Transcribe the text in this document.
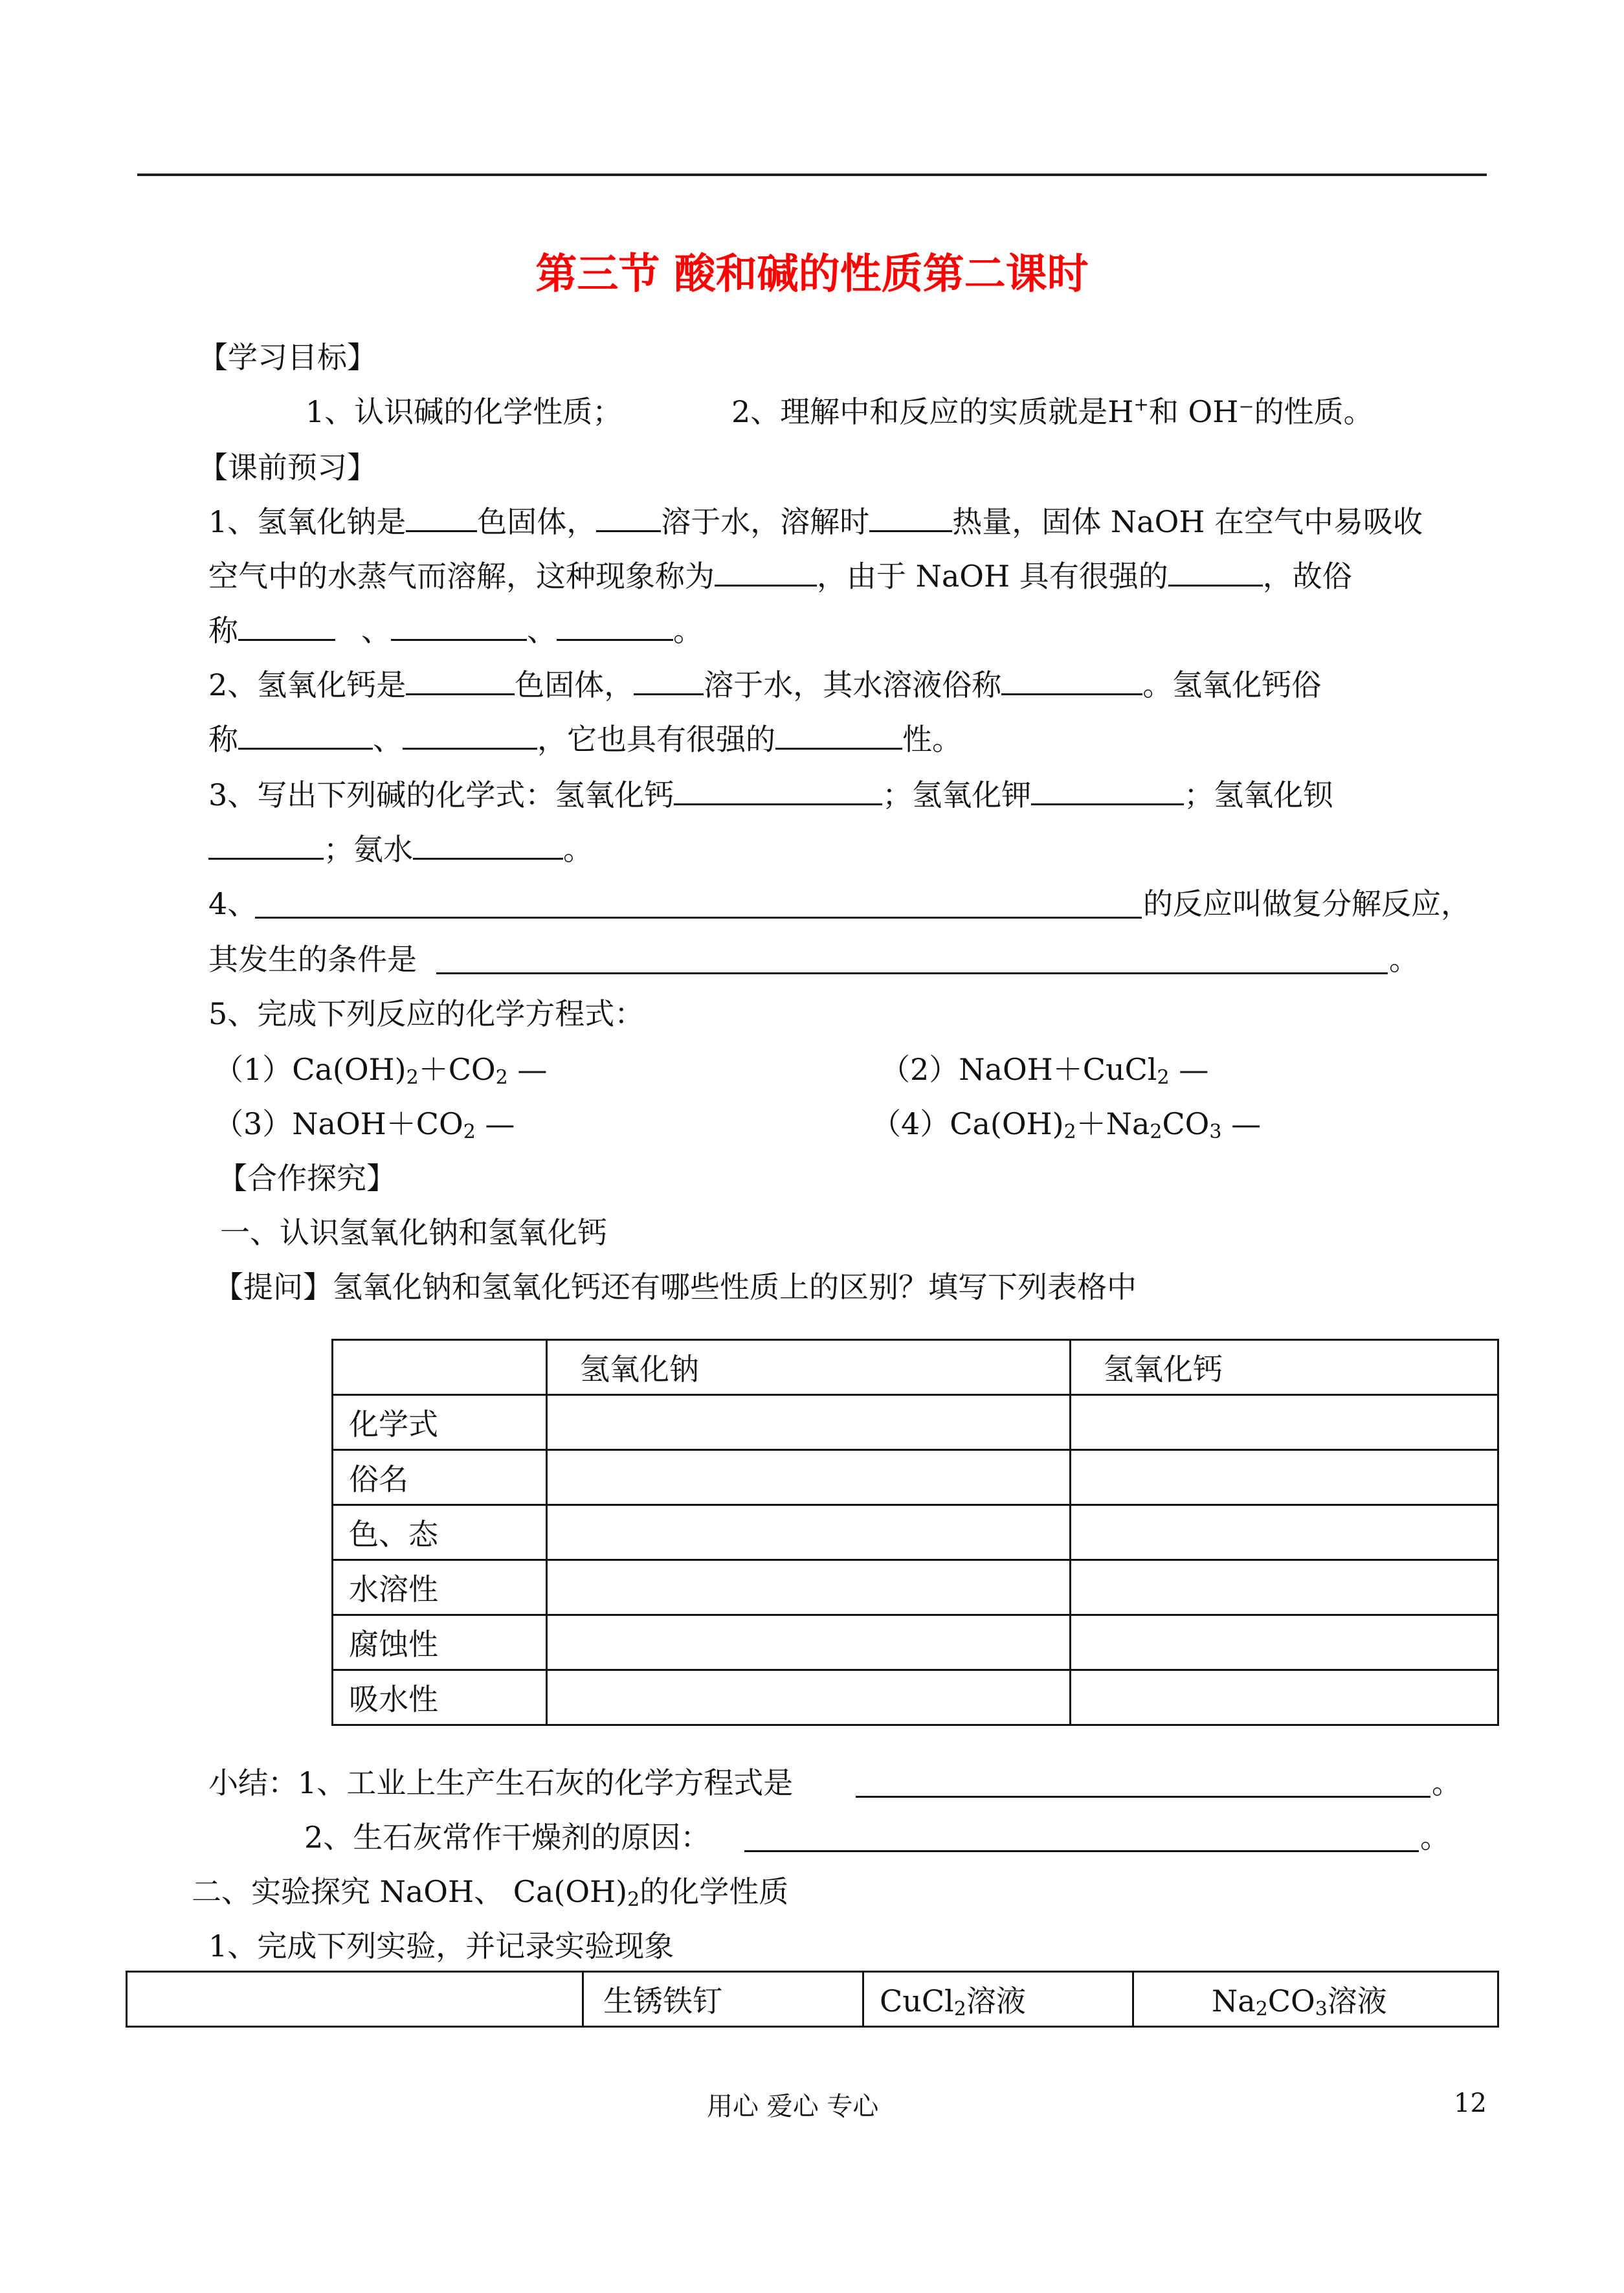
第三节 酸和碱的性质第二课时
【学习目标】
1、认识碱的化学性质；	2、理解中和反应的实质就是H+和 OH⁻的性质。
【课前预习】
1、氢氧化钠是 色固体， 溶于水，溶解时	热量，固体 NaOH 在空气中易吸收
空气中的水蒸气而溶解，这种现象称为	，由于 NaOH 具有很强的	，故俗
称	、	、	。
2、氢氧化钙是	色固体， 溶于水，其水溶液俗称	。氢氧化钙俗
称	、	，它也具有很强的	性。
3、写出下列碱的化学式：氢氧化钙	；氢氧化钾	；氢氧化钡
；氨水	。
4、	的反应叫做复分解反应，
其发生的条件是	。
5、完成下列反应的化学方程式：
$(1)Ca(OH)_2+CO_2$ —	（2）NaOH＋CuCl$_2$ —
$(3)NaOH+CO_2$ —	$(4)Ca(OH)_2+Na_2CO_3$ —
【合作探究】
一、认识氢氧化钠和氢氧化钙
【提问】氢氧化钠和氢氧化钙还有哪些性质上的区别？填写下列表格中
	氢氧化钠	氢氧化钙
化学式		
俗名		
色、态		
水溶性		
腐蚀性		
吸水性		
小结：1、工业上生产生石灰的化学方程式是	。
2、生石灰常作干燥剂的原因：	。
二、实验探究 NaOH、 $Ca(OH)_2$的化学性质
1、完成下列实验，并记录实验现象
	生锈铁钉	CuCl$_2$溶液	$Na_2CO_3$溶液
用心 爱心 专心	12
